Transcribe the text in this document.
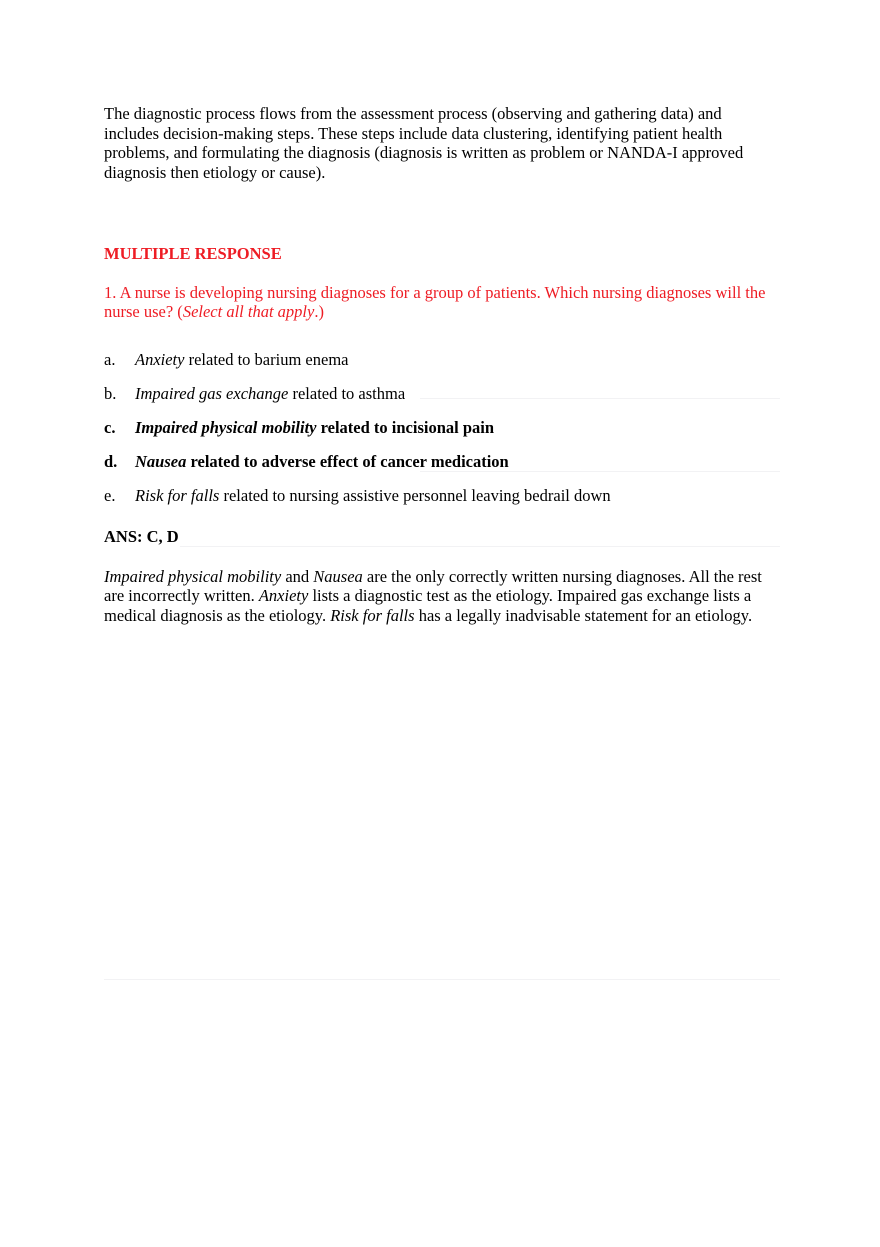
The diagnostic process flows from the assessment process (observing and gathering data) and includes decision-making steps. These steps include data clustering, identifying patient health problems, and formulating the diagnosis (diagnosis is written as problem or NANDA-I approved diagnosis then etiology or cause).

MULTIPLE RESPONSE

1. A nurse is developing nursing diagnoses for a group of patients. Which nursing diagnoses will the nurse use? (Select all that apply.)

a.	Anxiety related to barium enema
b.	Impaired gas exchange related to asthma
c.	Impaired physical mobility related to incisional pain
d.	Nausea related to adverse effect of cancer medication
e.	Risk for falls related to nursing assistive personnel leaving bedrail down
ANS: C, D

Impaired physical mobility and Nausea are the only correctly written nursing diagnoses. All the rest are incorrectly written. Anxiety lists a diagnostic test as the etiology. Impaired gas exchange lists a medical diagnosis as the etiology. Risk for falls has a legally inadvisable statement for an etiology.
